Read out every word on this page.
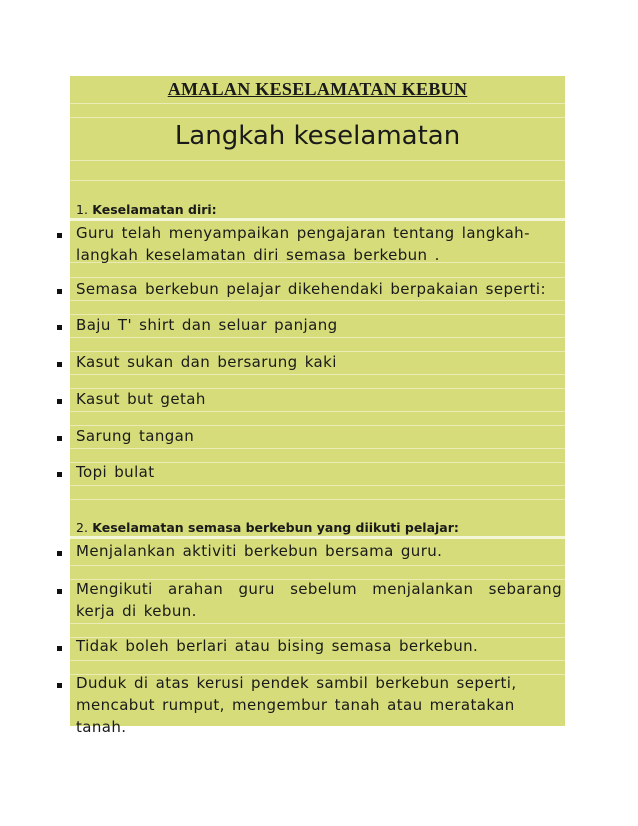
AMALAN KESELAMATAN KEBUN
Langkah keselamatan
1. Keselamatan diri:
Guru telah menyampaikan pengajaran tentang langkah-langkah keselamatan diri semasa berkebun .
Semasa berkebun pelajar dikehendaki berpakaian seperti:
Baju T' shirt dan seluar panjang
Kasut sukan dan bersarung kaki
Kasut but getah
Sarung tangan
Topi bulat
2. Keselamatan semasa berkebun yang diikuti pelajar:
Menjalankan aktiviti berkebun bersama guru.
Mengikuti arahan guru sebelum menjalankan sebarang kerja di kebun.
Tidak boleh berlari atau bising semasa berkebun.
Duduk di atas kerusi pendek sambil berkebun seperti, mencabut rumput, mengembur tanah atau meratakan tanah.
